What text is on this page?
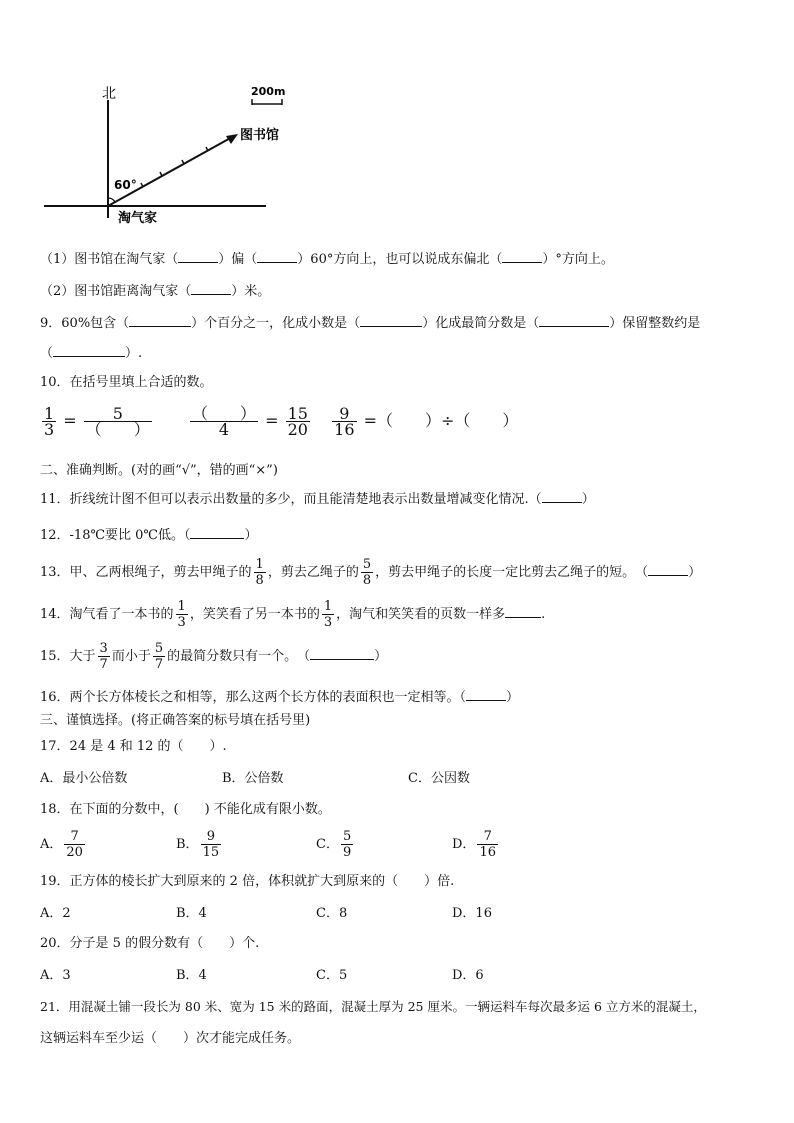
北	200m
图书馆
60°
淘气家
（1）图书馆在淘气家（	）偏（	）60°方向上，也可以说成东偏北（	）°方向上。
（2）图书馆距离淘气家（	）米。
9．60%包含（	）个百分之一，化成小数是（	）化成最简分数是（	）保留整数约是
（	）.
10．在括号里填上合适的数。
$\frac{1}{3} = \frac{5}{( )}$
$\frac{( )}{4} = \frac{15}{20}$
$\frac{9}{16}$ =（　　）÷（　　）
二、准确判断。(对的画“√”，错的画“×”)
11．折线统计图不但可以表示出数量的多少，而且能清楚地表示出数量增减变化情况.（	）
12．-18℃要比 0℃低。（	）
13．甲、乙两根绳子，剪去甲绳子的 $\frac{1}{8}$ ，剪去乙绳子的 $\frac{5}{8}$ ，剪去甲绳子的长度一定比剪去乙绳子的短。　（	）
14．淘气看了一本书的 $\frac{1}{3}$ ，笑笑看了另一本书的 $\frac{1}{3}$ ，淘气和笑笑看的页数一样多	.
15．大于 $\frac{3}{7}$ 而小于 $\frac{5}{7}$ 的最简分数只有一个。　（	）
16．两个长方体棱长之和相等，那么这两个长方体的表面积也一定相等。（	）
三、谨慎选择。(将正确答案的标号填在括号里)
17．24 是 4 和 12 的（　　）.
A．最小公倍数	B．公倍数	C．公因数
18．在下面的分数中，(　　) 不能化成有限小数。
A． $\frac{7}{20}$	B． $\frac{9}{15}$	C． $\frac{5}{9}$	D． $\frac{7}{16}$
19．正方体的棱长扩大到原来的 2 倍，体积就扩大到原来的（　　）倍.
A．2	B．4	C．8	D．16
20．分子是 5 的假分数有（　　）个.
A．3	B．4	C．5	D．6
21．用混凝土铺一段长为 80 米、宽为 15 米的路面，混凝土厚为 25 厘米。一辆运料车每次最多运 6 立方米的混凝土，
这辆运料车至少运（　　）次才能完成任务。
